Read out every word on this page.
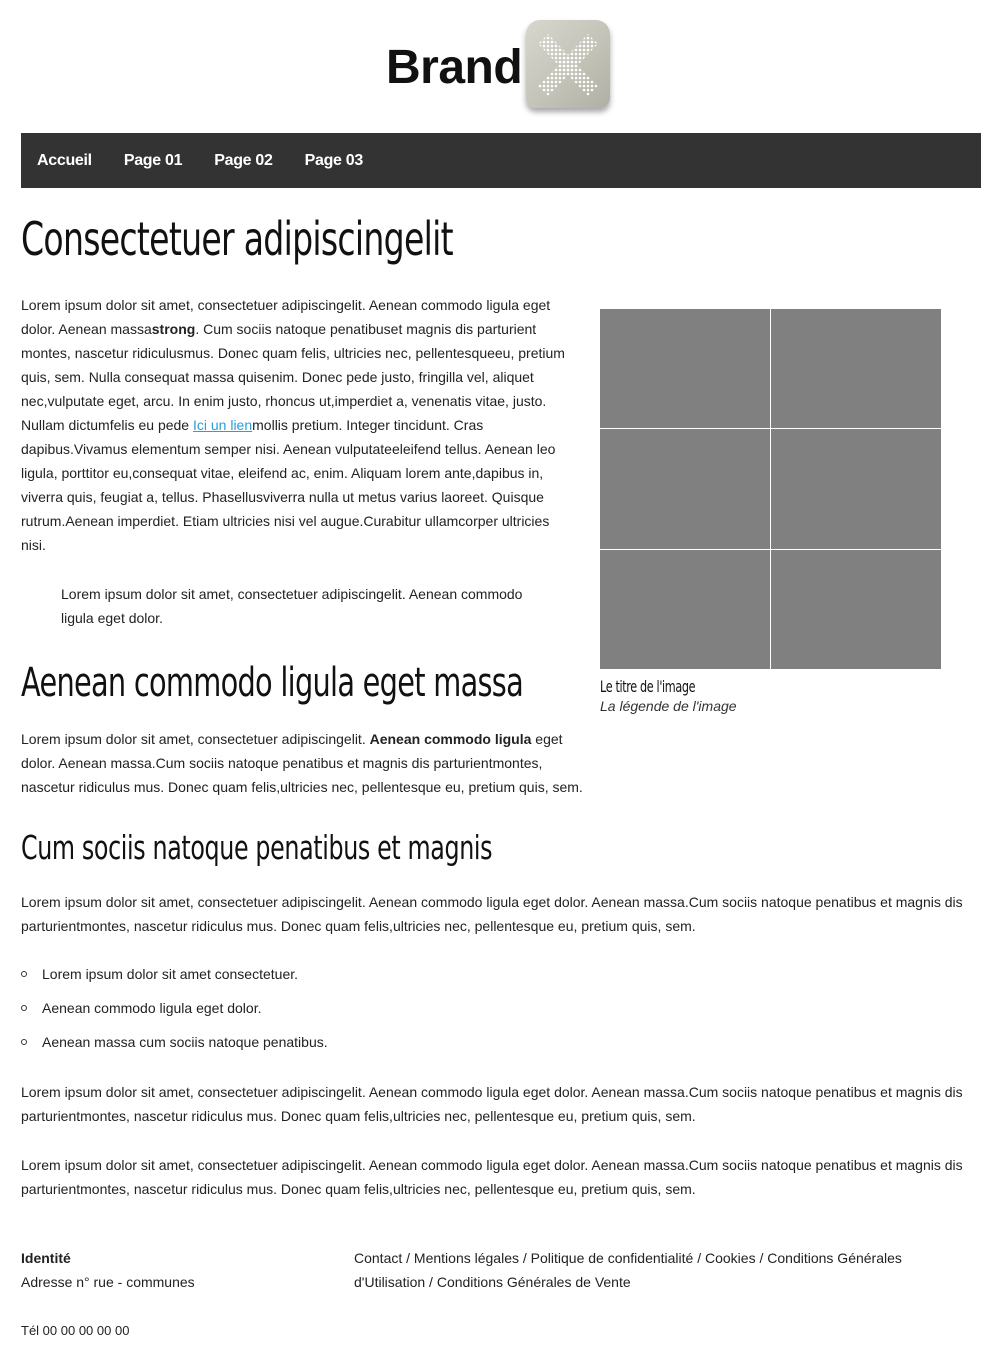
Brand
Accueil Page 01 Page 02 Page 03
Consectetuer adipiscingelit

Lorem ipsum dolor sit amet, consectetuer adipiscingelit. Aenean commodo ligula eget dolor. Aenean massastrong. Cum sociis natoque penatibuset magnis dis parturient montes, nascetur ridiculusmus. Donec quam felis, ultricies nec, pellentesqueeu, pretium quis, sem. Nulla consequat massa quisenim. Donec pede justo, fringilla vel, aliquet nec,vulputate eget, arcu. In enim justo, rhoncus ut,imperdiet a, venenatis vitae, justo. Nullam dictumfelis eu pede Ici un lienmollis pretium. Integer tincidunt. Cras dapibus.Vivamus elementum semper nisi. Aenean vulputateeleifend tellus. Aenean leo ligula, porttitor eu,consequat vitae, eleifend ac, enim. Aliquam lorem ante,dapibus in, viverra quis, feugiat a, tellus. Phasellusviverra nulla ut metus varius laoreet. Quisque rutrum.Aenean imperdiet. Etiam ultricies nisi vel augue.Curabitur ullamcorper ultricies nisi.

Lorem ipsum dolor sit amet, consectetuer adipiscingelit. Aenean commodo ligula eget dolor.

Aenean commodo ligula eget massa

Lorem ipsum dolor sit amet, consectetuer adipiscingelit. Aenean commodo ligula eget dolor. Aenean massa.Cum sociis natoque penatibus et magnis dis parturientmontes, nascetur ridiculus mus. Donec quam felis,ultricies nec, pellentesque eu, pretium quis, sem.

Cum sociis natoque penatibus et magnis

Lorem ipsum dolor sit amet, consectetuer adipiscingelit. Aenean commodo ligula eget dolor. Aenean massa.Cum sociis natoque penatibus et magnis dis parturientmontes, nascetur ridiculus mus. Donec quam felis,ultricies nec, pellentesque eu, pretium quis, sem.

Lorem ipsum dolor sit amet consectetuer.
Aenean commodo ligula eget dolor.
Aenean massa cum sociis natoque penatibus.

Lorem ipsum dolor sit amet, consectetuer adipiscingelit. Aenean commodo ligula eget dolor. Aenean massa.Cum sociis natoque penatibus et magnis dis parturientmontes, nascetur ridiculus mus. Donec quam felis,ultricies nec, pellentesque eu, pretium quis, sem.

Lorem ipsum dolor sit amet, consectetuer adipiscingelit. Aenean commodo ligula eget dolor. Aenean massa.Cum sociis natoque penatibus et magnis dis parturientmontes, nascetur ridiculus mus. Donec quam felis,ultricies nec, pellentesque eu, pretium quis, sem.

Le titre de l'image
La légende de l'image
Identité
Adresse n° rue - communes
Tél 00 00 00 00 00
Contact / Mentions légales / Politique de confidentialité / Cookies / Conditions Générales d'Utilisation / Conditions Générales de Vente
